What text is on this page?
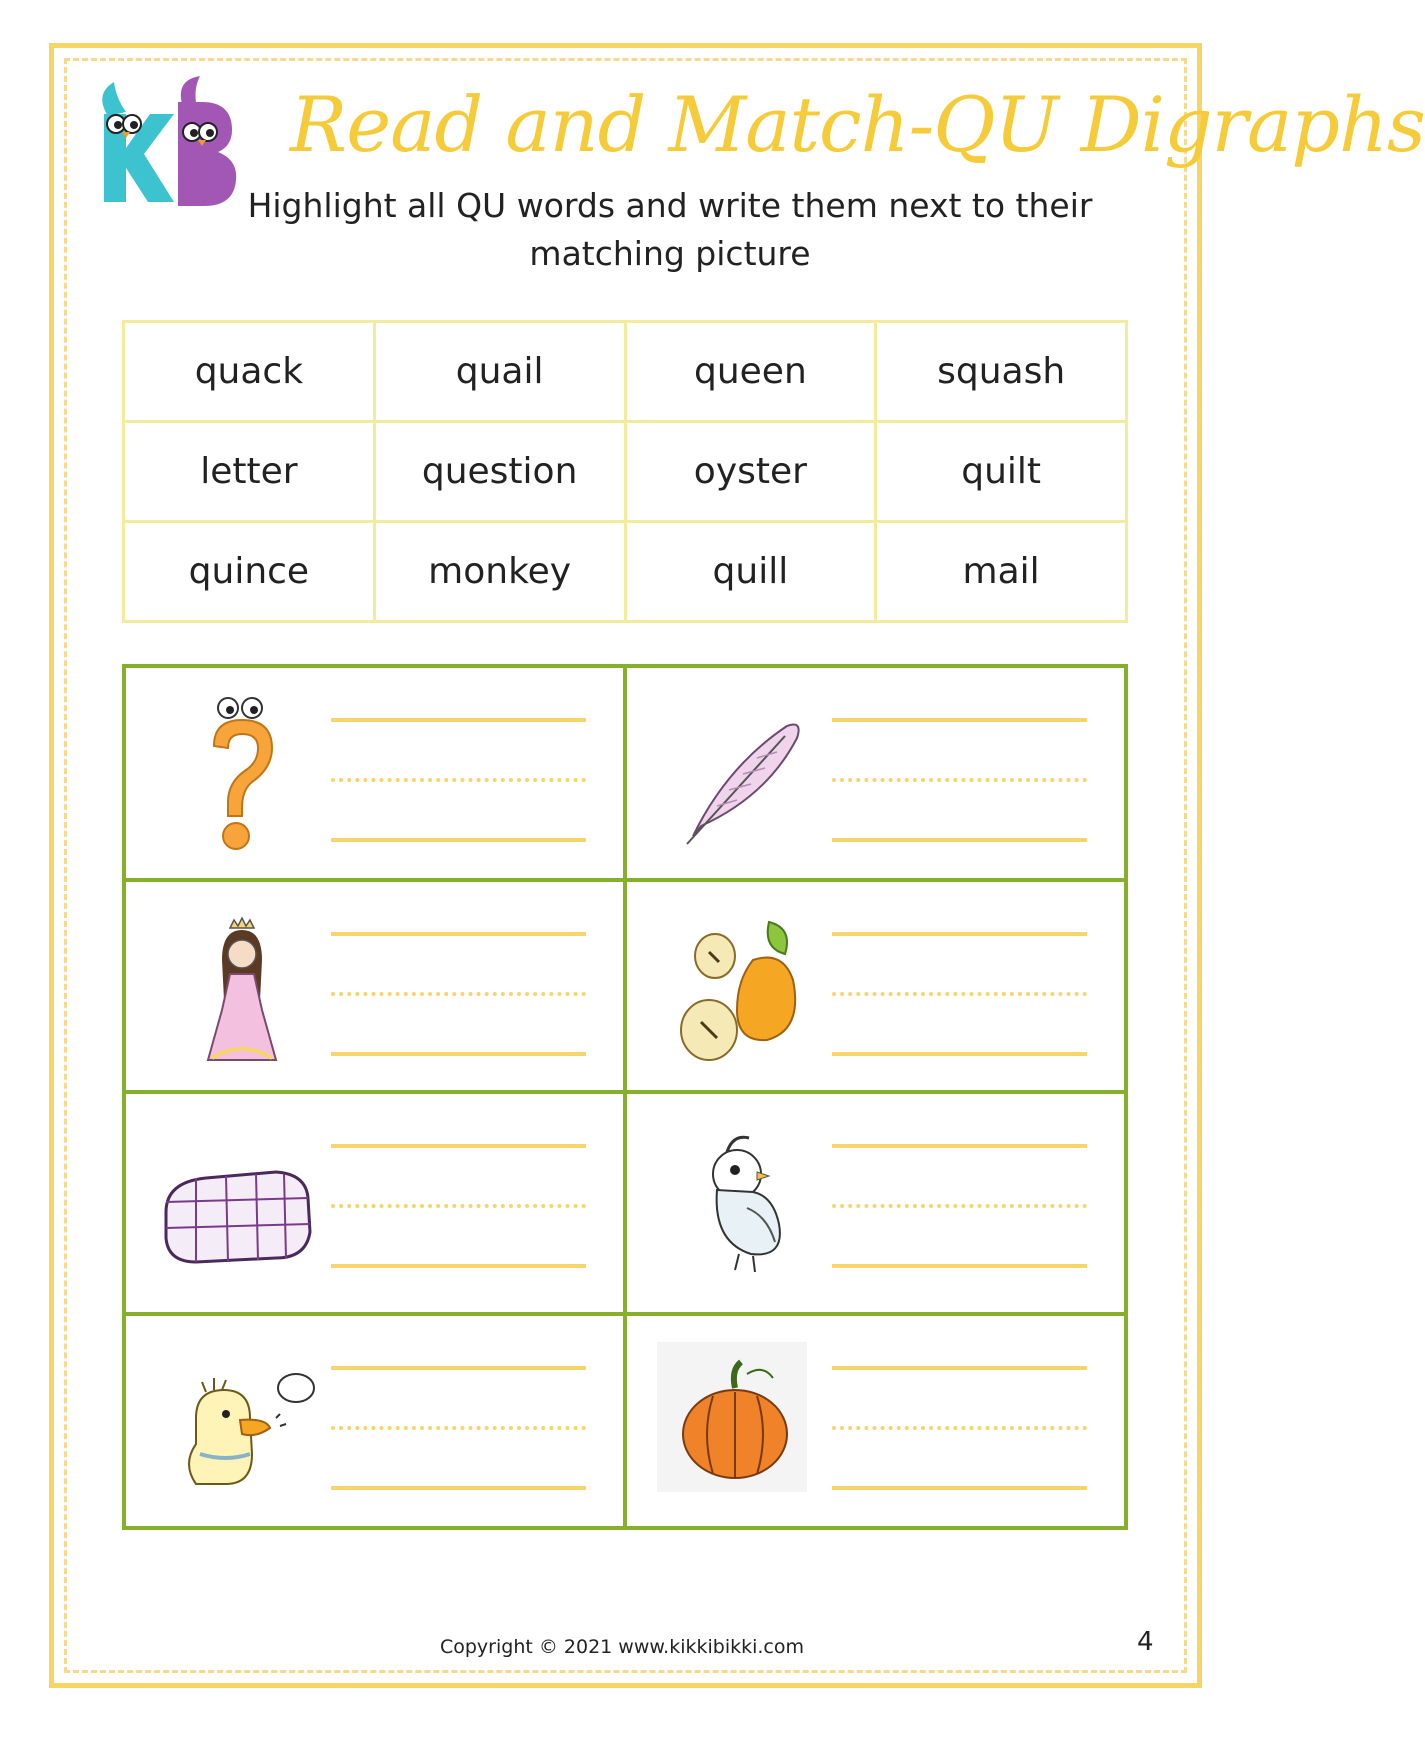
Read and Match-QU Digraphs
Highlight all QU words and write them next to their matching picture
quack	quail	queen	squash
letter	question	oyster	quilt
quince	monkey	quill	mail

Copyright © 2021 www.kikkibikki.com	4
